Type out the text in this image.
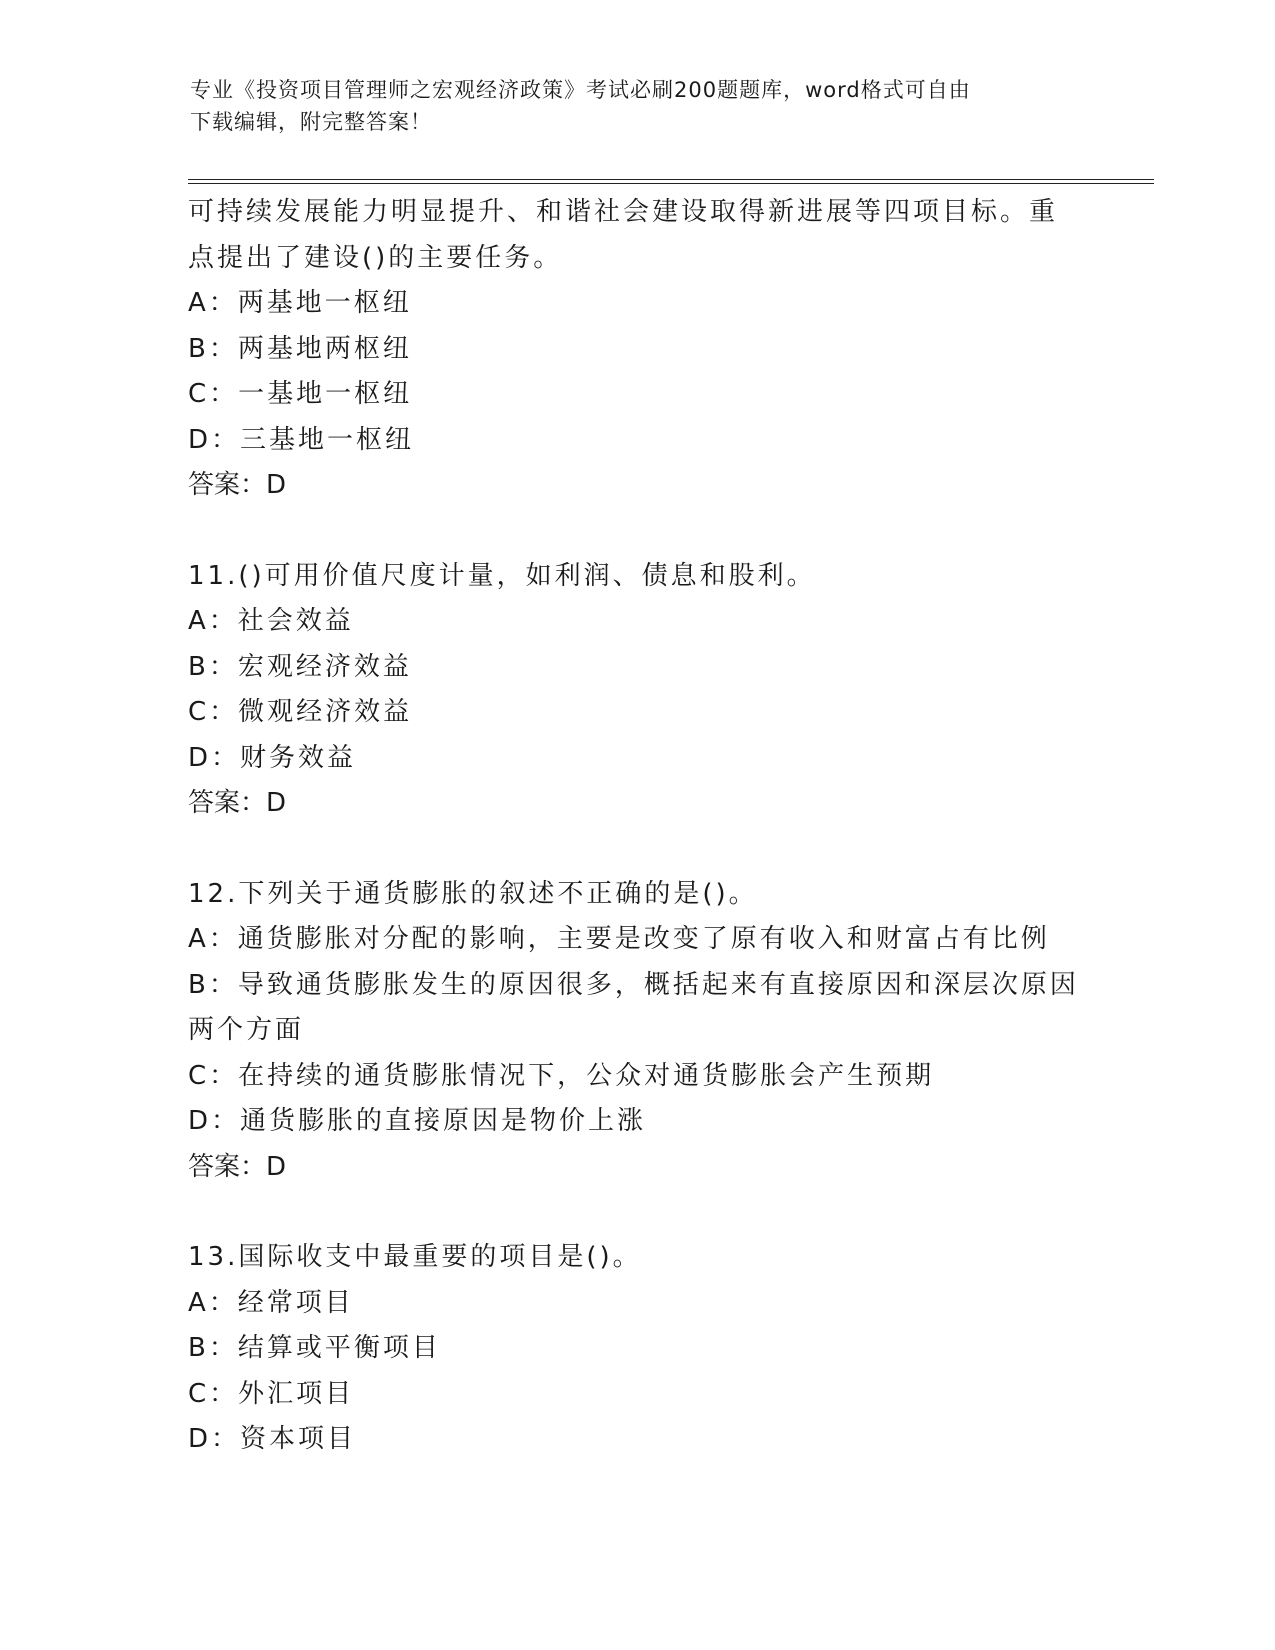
专业《投资项目管理师之宏观经济政策》考试必刷200题题库，word格式可自由
下载编辑，附完整答案！
可持续发展能力明显提升、和谐社会建设取得新进展等四项目标。重
点提出了建设()的主要任务。
A：两基地一枢纽
B：两基地两枢纽
C：一基地一枢纽
D：三基地一枢纽
答案：D
11.()可用价值尺度计量，如利润、债息和股利。
A：社会效益
B：宏观经济效益
C：微观经济效益
D：财务效益
答案：D
12.下列关于通货膨胀的叙述不正确的是()。
A：通货膨胀对分配的影响，主要是改变了原有收入和财富占有比例
B：导致通货膨胀发生的原因很多，概括起来有直接原因和深层次原因
两个方面
C：在持续的通货膨胀情况下，公众对通货膨胀会产生预期
D：通货膨胀的直接原因是物价上涨
答案：D
13.国际收支中最重要的项目是()。
A：经常项目
B：结算或平衡项目
C：外汇项目
D：资本项目
